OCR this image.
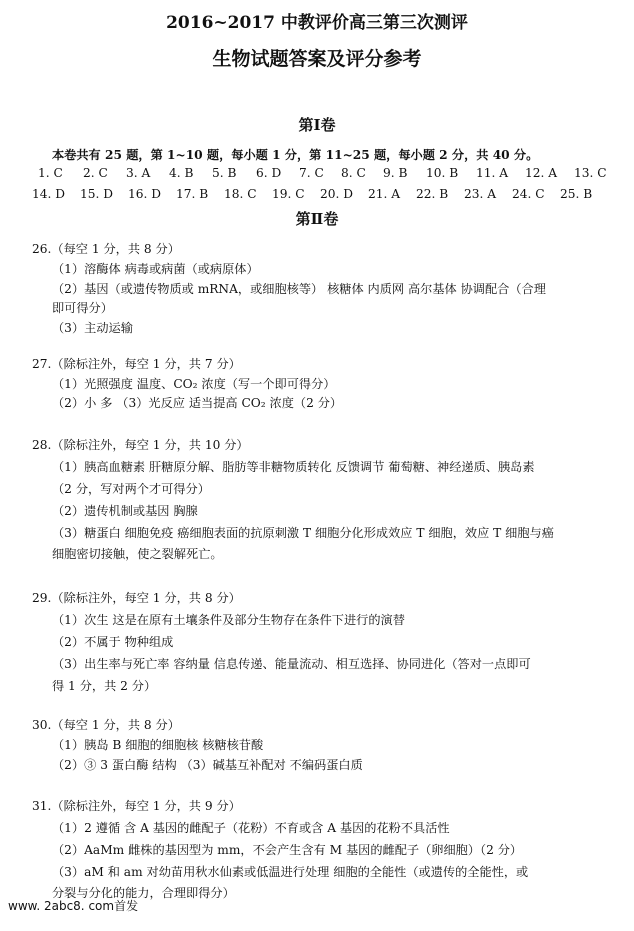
2016~2017 中教评价高三第三次测评
生物试题答案及评分参考
第Ⅰ卷
本卷共有 25 题，第 1~10 题，每小题 1 分，第 11~25 题，每小题 2 分，共 40 分。
1. C 2. C 3. A 4. B 5. B 6. D 7. C 8. C 9. B 10. B 11. A 12. A 13. C
14. D 15. D 16. D 17. B 18. C 19. C 20. D 21. A 22. B 23. A 24. C 25. B
第Ⅱ卷
26.（每空 1 分，共 8 分）
（1）溶酶体 病毒或病菌（或病原体）
（2）基因（或遗传物质或 mRNA，或细胞核等） 核糖体 内质网 高尔基体 协调配合（合理
即可得分）
（3）主动运输
27.（除标注外，每空 1 分，共 7 分）
（1）光照强度 温度、CO₂ 浓度（写一个即可得分）
（2）小 多 （3）光反应 适当提高 CO₂ 浓度（2 分）
28.（除标注外，每空 1 分，共 10 分）
（1）胰高血糖素 肝糖原分解、脂肪等非糖物质转化 反馈调节 葡萄糖、神经递质、胰岛素
（2 分，写对两个才可得分）
（2）遗传机制或基因 胸腺
（3）糖蛋白 细胞免疫 癌细胞表面的抗原刺激 T 细胞分化形成效应 T 细胞，效应 T 细胞与癌
细胞密切接触，使之裂解死亡。
29.（除标注外，每空 1 分，共 8 分）
（1）次生 这是在原有土壤条件及部分生物存在条件下进行的演替
（2）不属于 物种组成
（3）出生率与死亡率 容纳量 信息传递、能量流动、相互选择、协同进化（答对一点即可
得 1 分，共 2 分）
30.（每空 1 分，共 8 分）
（1）胰岛 B 细胞的细胞核 核糖核苷酸
（2）③ 3 蛋白酶 结构 （3）碱基互补配对 不编码蛋白质
31.（除标注外，每空 1 分，共 9 分）
（1）2 遵循 含 A 基因的雌配子（花粉）不育或含 A 基因的花粉不具活性
（2）AaMm 雌株的基因型为 mm，不会产生含有 M 基因的雌配子（卵细胞）（2 分）
（3）aM 和 am 对幼苗用秋水仙素或低温进行处理 细胞的全能性（或遗传的全能性，或
分裂与分化的能力，合理即得分）
www. 2abc8. com首发
